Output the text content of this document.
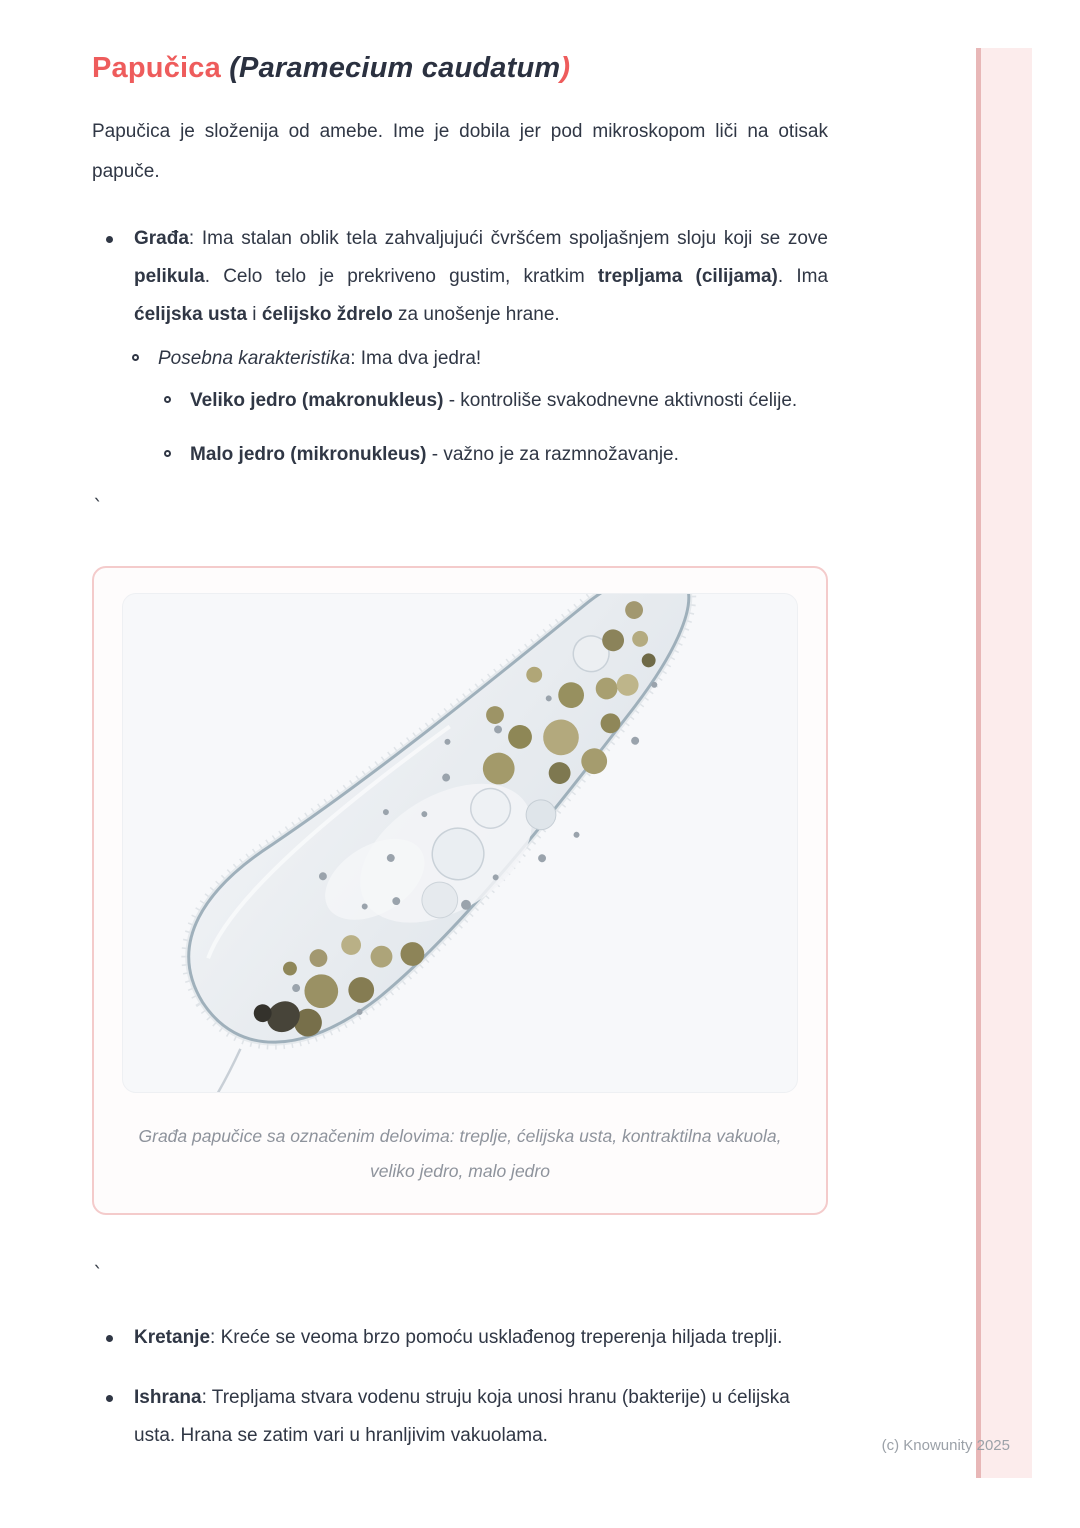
Papučica (Paramecium caudatum)

Papučica je složenija od amebe. Ime je dobila jer pod mikroskopom liči na otisak papuče.

Građa: Ima stalan oblik tela zahvaljujući čvršćem spoljašnjem sloju koji se zove pelikula. Celo telo je prekriveno gustim, kratkim trepljama (cilijama). Ima ćelijska usta i ćelijsko ždrelo za unošenje hrane.
Posebna karakteristika: Ima dva jedra!
Veliko jedro (makronukleus) - kontroliše svakodnevne aktivnosti ćelije.
Malo jedro (mikronukleus) - važno je za razmnožavanje.
`

Građa papučice sa označenim delovima: treplje, ćelijska usta, kontraktilna vakuola, veliko jedro, malo jedro

`
Kretanje: Kreće se veoma brzo pomoću usklađenog treperenja hiljada treplji.
Ishrana: Trepljama stvara vodenu struju koja unosi hranu (bakterije) u ćelijska usta. Hrana se zatim vari u hranljivim vakuolama.	(c) Knowunity 2025
